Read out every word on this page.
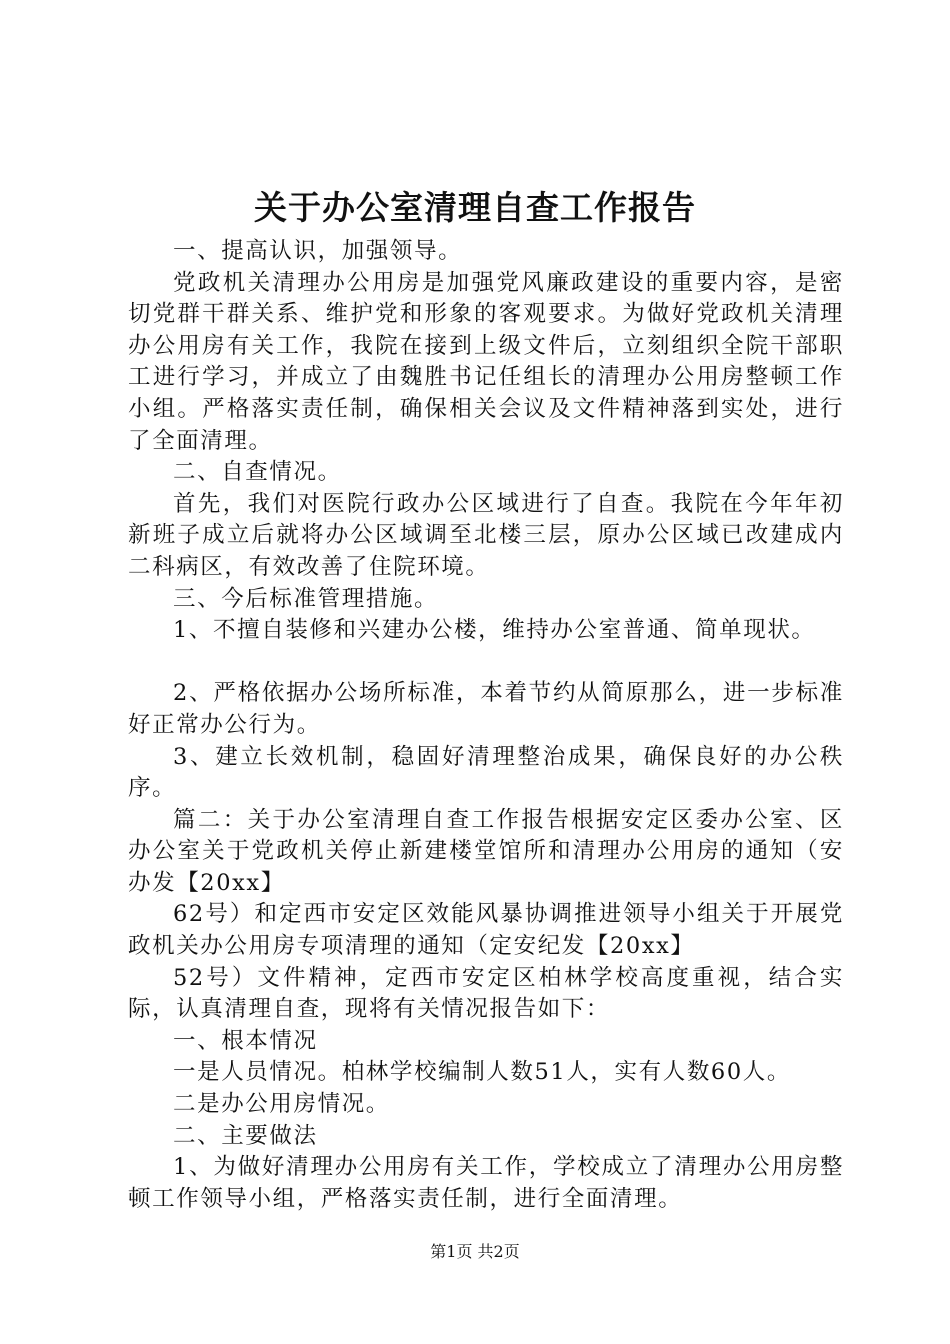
关于办公室清理自查工作报告

一、提高认识，加强领导。

党政机关清理办公用房是加强党风廉政建设的重要内容，是密切党群干群关系、维护党和形象的客观要求。为做好党政机关清理办公用房有关工作，我院在接到上级文件后，立刻组织全院干部职工进行学习，并成立了由魏胜书记任组长的清理办公用房整顿工作小组。严格落实责任制，确保相关会议及文件精神落到实处，进行了全面清理。

二、自查情况。

首先，我们对医院行政办公区域进行了自查。我院在今年年初新班子成立后就将办公区域调至北楼三层，原办公区域已改建成内二科病区，有效改善了住院环境。

三、今后标准管理措施。

1、不擅自装修和兴建办公楼，维持办公室普通、简单现状。

2、严格依据办公场所标准，本着节约从简原那么，进一步标准好正常办公行为。

3、建立长效机制，稳固好清理整治成果，确保良好的办公秩序。

篇二：关于办公室清理自查工作报告根据安定区委办公室、区办公室关于党政机关停止新建楼堂馆所和清理办公用房的通知（安办发【20xx】

62号）和定西市安定区效能风暴协调推进领导小组关于开展党政机关办公用房专项清理的通知（定安纪发【20xx】

52号）文件精神，定西市安定区柏林学校高度重视，结合实际，认真清理自查，现将有关情况报告如下：

一、根本情况

一是人员情况。柏林学校编制人数51人，实有人数60人。

二是办公用房情况。

二、主要做法

1、为做好清理办公用房有关工作，学校成立了清理办公用房整顿工作领导小组，严格落实责任制，进行全面清理。

第1页 共2页
